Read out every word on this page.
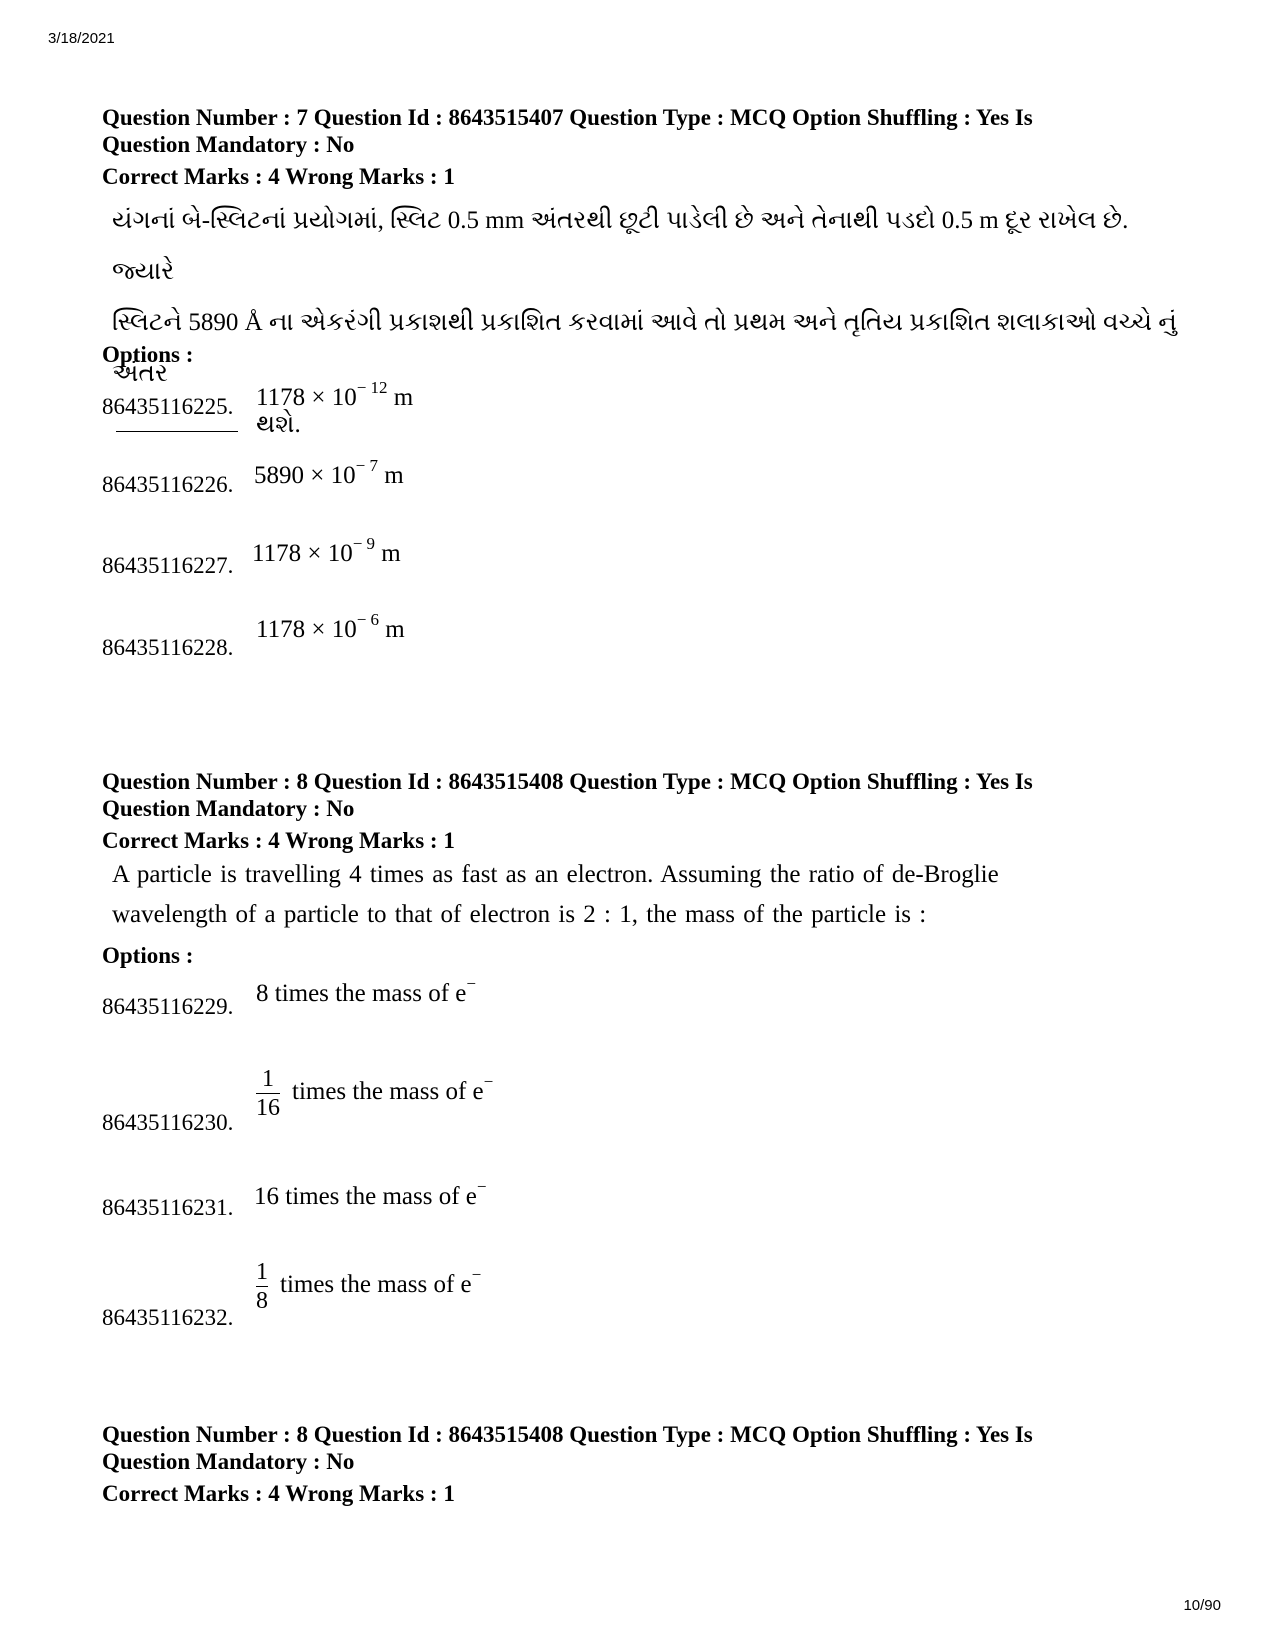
3/18/2021
Question Number : 7 Question Id : 8643515407 Question Type : MCQ Option Shuffling : Yes Is
Question Mandatory : No
Correct Marks : 4 Wrong Marks : 1
યંગનાં બે-સ્લિટનાં પ્રયોગમાં, સ્લિટ 0.5 mm અંતરથી છૂટી પાડેલી છે અને તેનાથી પડદો 0.5 m દૂર રાખેલ છે. જ્યારે
સ્લિટને 5890 Å ના એકરંગી પ્રકાશથી પ્રકાશિત કરવામાં આવે તો પ્રથમ અને તૃતિય પ્રકાશિત શલાકાઓ વચ્ચે નું અંતર
થશે.
Options :
86435116225. $1178 \times 10^{- 12}$ m
86435116226. $5890 \times 10^{- 7}$ m
86435116227. $1178 \times 10^{- 9}$ m
86435116228.
$1178 \times 10^{- 6}$ m
Question Number : 8 Question Id : 8643515408 Question Type : MCQ Option Shuffling : Yes Is
Question Mandatory : No
Correct Marks : 4 Wrong Marks : 1
A particle is travelling 4 times as fast as an electron. Assuming the ratio of de-Broglie
wavelength of a particle to that of electron is 2 : 1, the mass of the particle is :
Options :
86435116229. 8 times the mass of e−
86435116230.
$\frac{1}{16}$ times the mass of e−
86435116231. 16 times the mass of e−
86435116232.
$\frac{1}{8}$ times the mass of e−
Question Number : 8 Question Id : 8643515408 Question Type : MCQ Option Shuffling : Yes Is
Question Mandatory : No
Correct Marks : 4 Wrong Marks : 1
10/90
